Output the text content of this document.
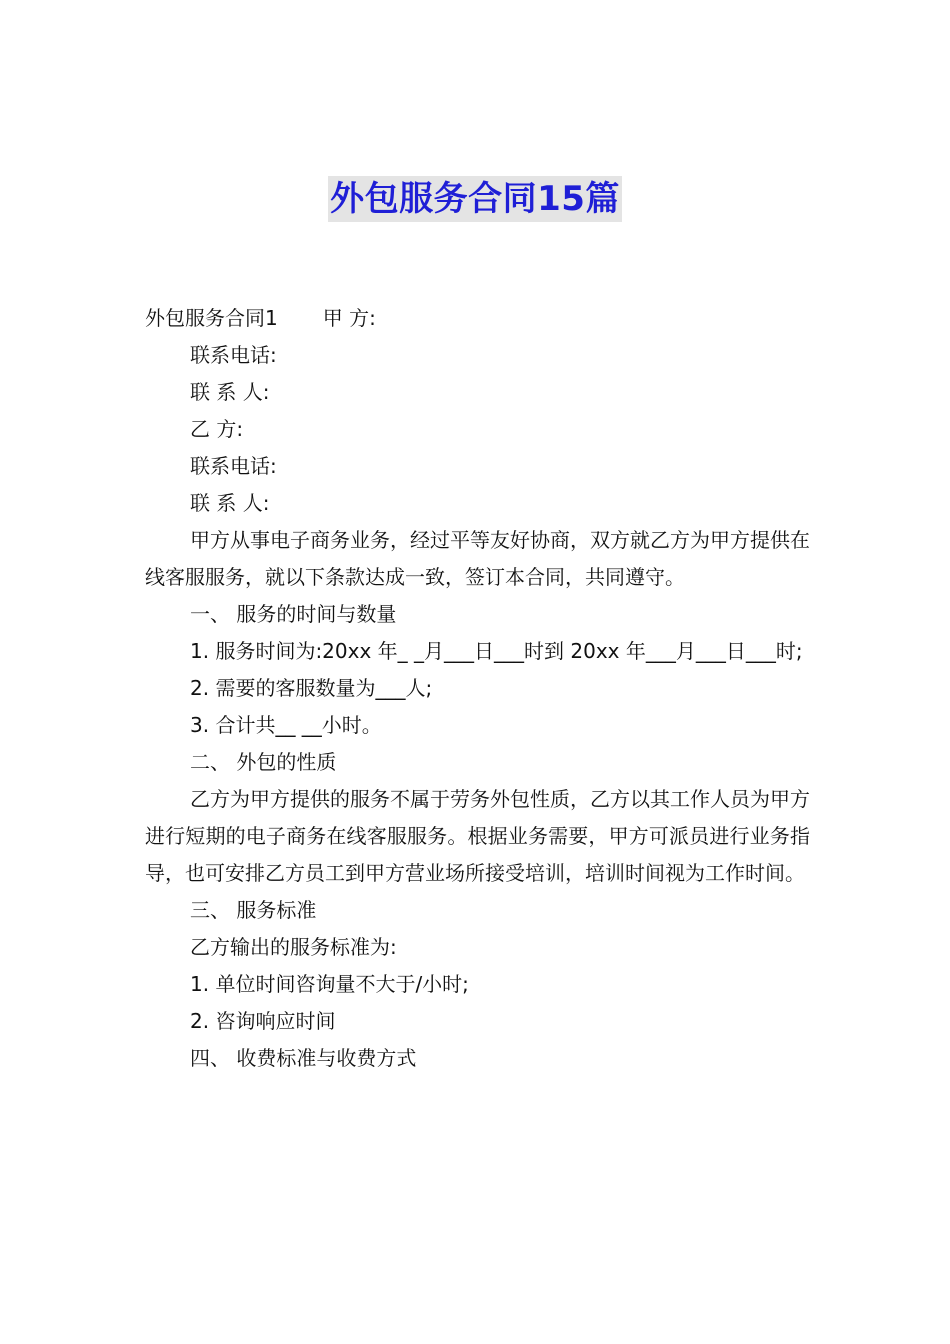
外包服务合同15篇

外包服务合同1 甲 方:

联系电话:

联 系 人:

乙 方:

联系电话:

联 系 人:

甲方从事电子商务业务，经过平等友好协商，双方就乙方为甲方提供在线客服服务，就以下条款达成一致，签订本合同，共同遵守。

一、 服务的时间与数量

1. 服务时间为:20xx 年_ _月___日___时到 20xx 年___月___日___时;

2. 需要的客服数量为___人;

3. 合计共__ __小时。

二、 外包的性质

乙方为甲方提供的服务不属于劳务外包性质，乙方以其工作人员为甲方进行短期的电子商务在线客服服务。根据业务需要，甲方可派员进行业务指导，也可安排乙方员工到甲方营业场所接受培训，培训时间视为工作时间。

三、 服务标准

乙方输出的服务标准为:

1. 单位时间咨询量不大于/小时;

2. 咨询响应时间

四、 收费标准与收费方式
